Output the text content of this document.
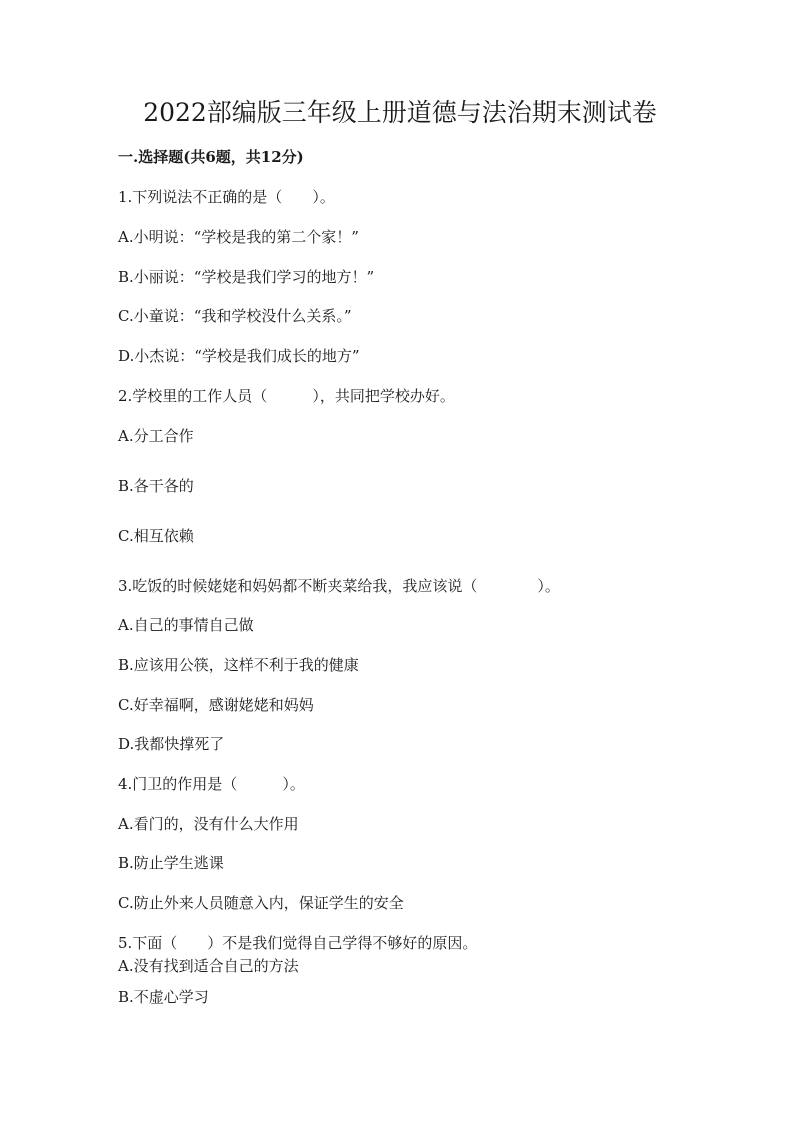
2022部编版三年级上册道德与法治期末测试卷

一.选择题(共6题，共12分)

1.下列说法不正确的是（　　）。

A.小明说：“学校是我的第二个家！”

B.小丽说：“学校是我们学习的地方！”

C.小童说：“我和学校没什么关系。”

D.小杰说：“学校是我们成长的地方”

2.学校里的工作人员（　　　），共同把学校办好。

A.分工合作

B.各干各的

C.相互依赖

3.吃饭的时候姥姥和妈妈都不断夹菜给我，我应该说（　　　　）。

A.自己的事情自己做

B.应该用公筷，这样不利于我的健康

C.好幸福啊，感谢姥姥和妈妈

D.我都快撑死了

4.门卫的作用是（　　　）。

A.看门的，没有什么大作用

B.防止学生逃课

C.防止外来人员随意入内，保证学生的安全

5.下面（　　）不是我们觉得自己学得不够好的原因。

A.没有找到适合自己的方法

B.不虚心学习
